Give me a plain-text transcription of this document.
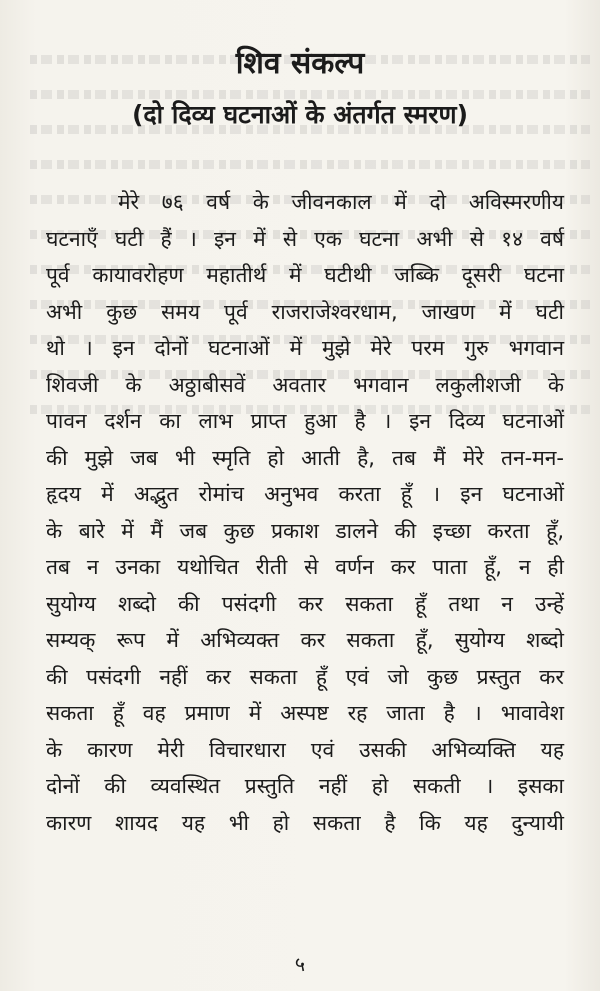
शिव संकल्प
(दो दिव्य घटनाओं के अंतर्गत स्मरण)
मेरे ७६ वर्ष के जीवनकाल में दो अविस्मरणीय
घटनाएँ घटी हैं । इन में से एक घटना अभी से १४ वर्ष
पूर्व कायावरोहण महातीर्थ में घटीथी जब्कि दूसरी घटना
अभी कुछ समय पूर्व राजराजेश्वरधाम, जाखण में घटी
थो । इन दोनों घटनाओं में मुझे मेरे परम गुरु भगवान
शिवजी के अठ्ठाबीसवें अवतार भगवान लकुलीशजी के
पावन दर्शन का लाभ प्राप्त हुआ है । इन दिव्य घटनाओं
की मुझे जब भी स्मृति हो आती है, तब मैं मेरे तन-मन-
हृदय में अद्भुत रोमांच अनुभव करता हूँ । इन घटनाओं
के बारे में मैं जब कुछ प्रकाश डालने की इच्छा करता हूँ,
तब न उनका यथोचित रीती से वर्णन कर पाता हूँ, न ही
सुयोग्य शब्दो की पसंदगी कर सकता हूँ तथा न उन्हें
सम्यक् रूप में अभिव्यक्त कर सकता हूँ, सुयोग्य शब्दो
की पसंदगी नहीं कर सकता हूँ एवं जो कुछ प्रस्तुत कर
सकता हूँ वह प्रमाण में अस्पष्ट रह जाता है । भावावेश
के कारण मेरी विचारधारा एवं उसकी अभिव्यक्ति यह
दोनों की व्यवस्थित प्रस्तुति नहीं हो सकती । इसका
कारण शायद यह भी हो सकता है कि यह दुन्यायी
५
